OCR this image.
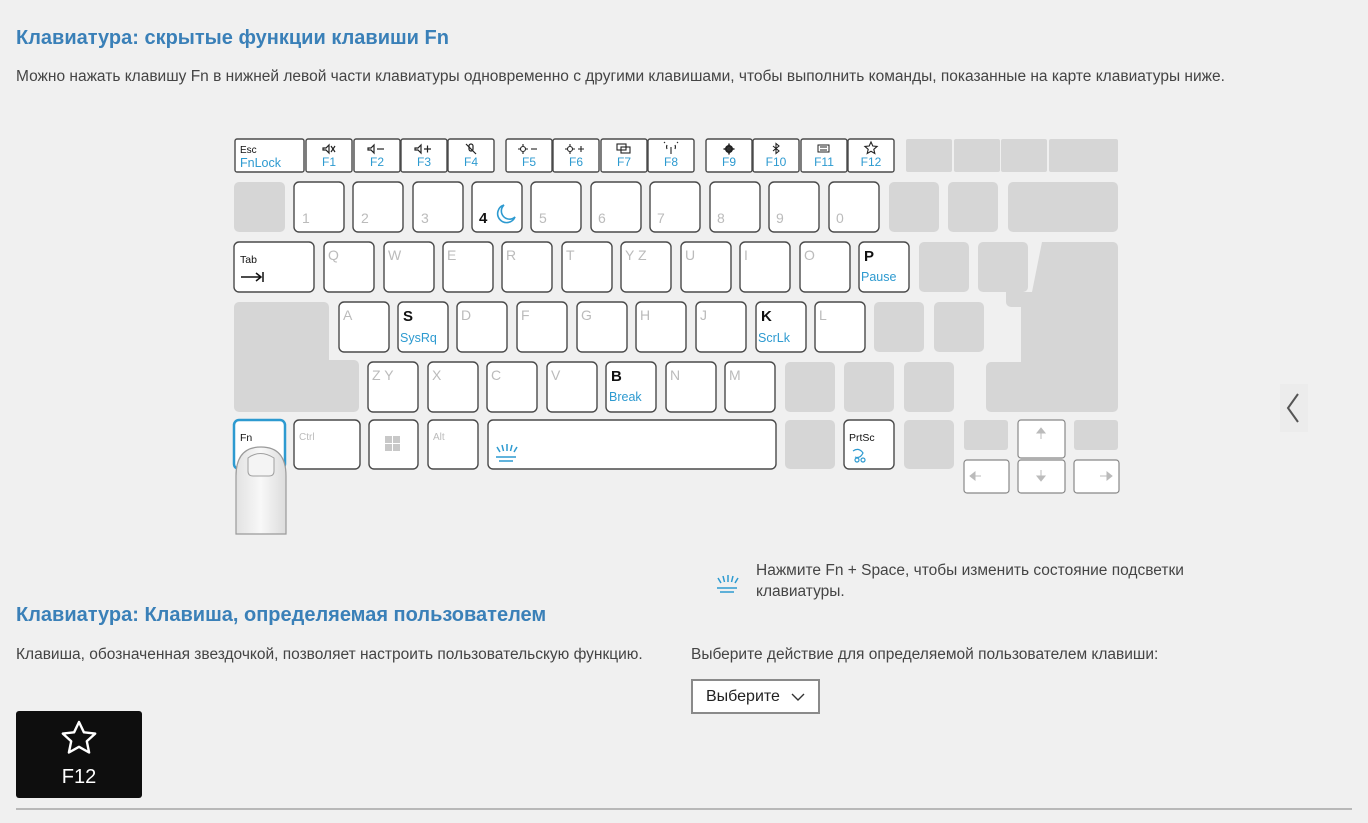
Клавиатура: скрытые функции клавиши Fn

Можно нажать клавишу Fn в нижней левой части клавиатуры одновременно с другими клавишами, чтобы выполнить команды, показанные на карте клавиатуры ниже.

Esc
FnLock	F1	F2	F3	F4	F5	F6	F7	F8	F9 F10 F11 F12
1	2	3	4	5	6	7	8	9	0
Tab	Q	W	E	R	T	Y Z	U	I	O	P
Pause
A	D	F	G	H	J	L
S
SysRq
K
ScrLk
Z Y	X	C	V	N	M
B
Break
Fn	Ctrl	Alt	PrtSc

Нажмите Fn + Space, чтобы изменить состояние подсветки клавиатуры.

Клавиатура: Клавиша, определяемая пользователем

Клавиша, обозначенная звездочкой, позволяет настроить пользовательскую функцию.	Выберите действие для определяемой пользователем клавиши:

Выберите
F12
